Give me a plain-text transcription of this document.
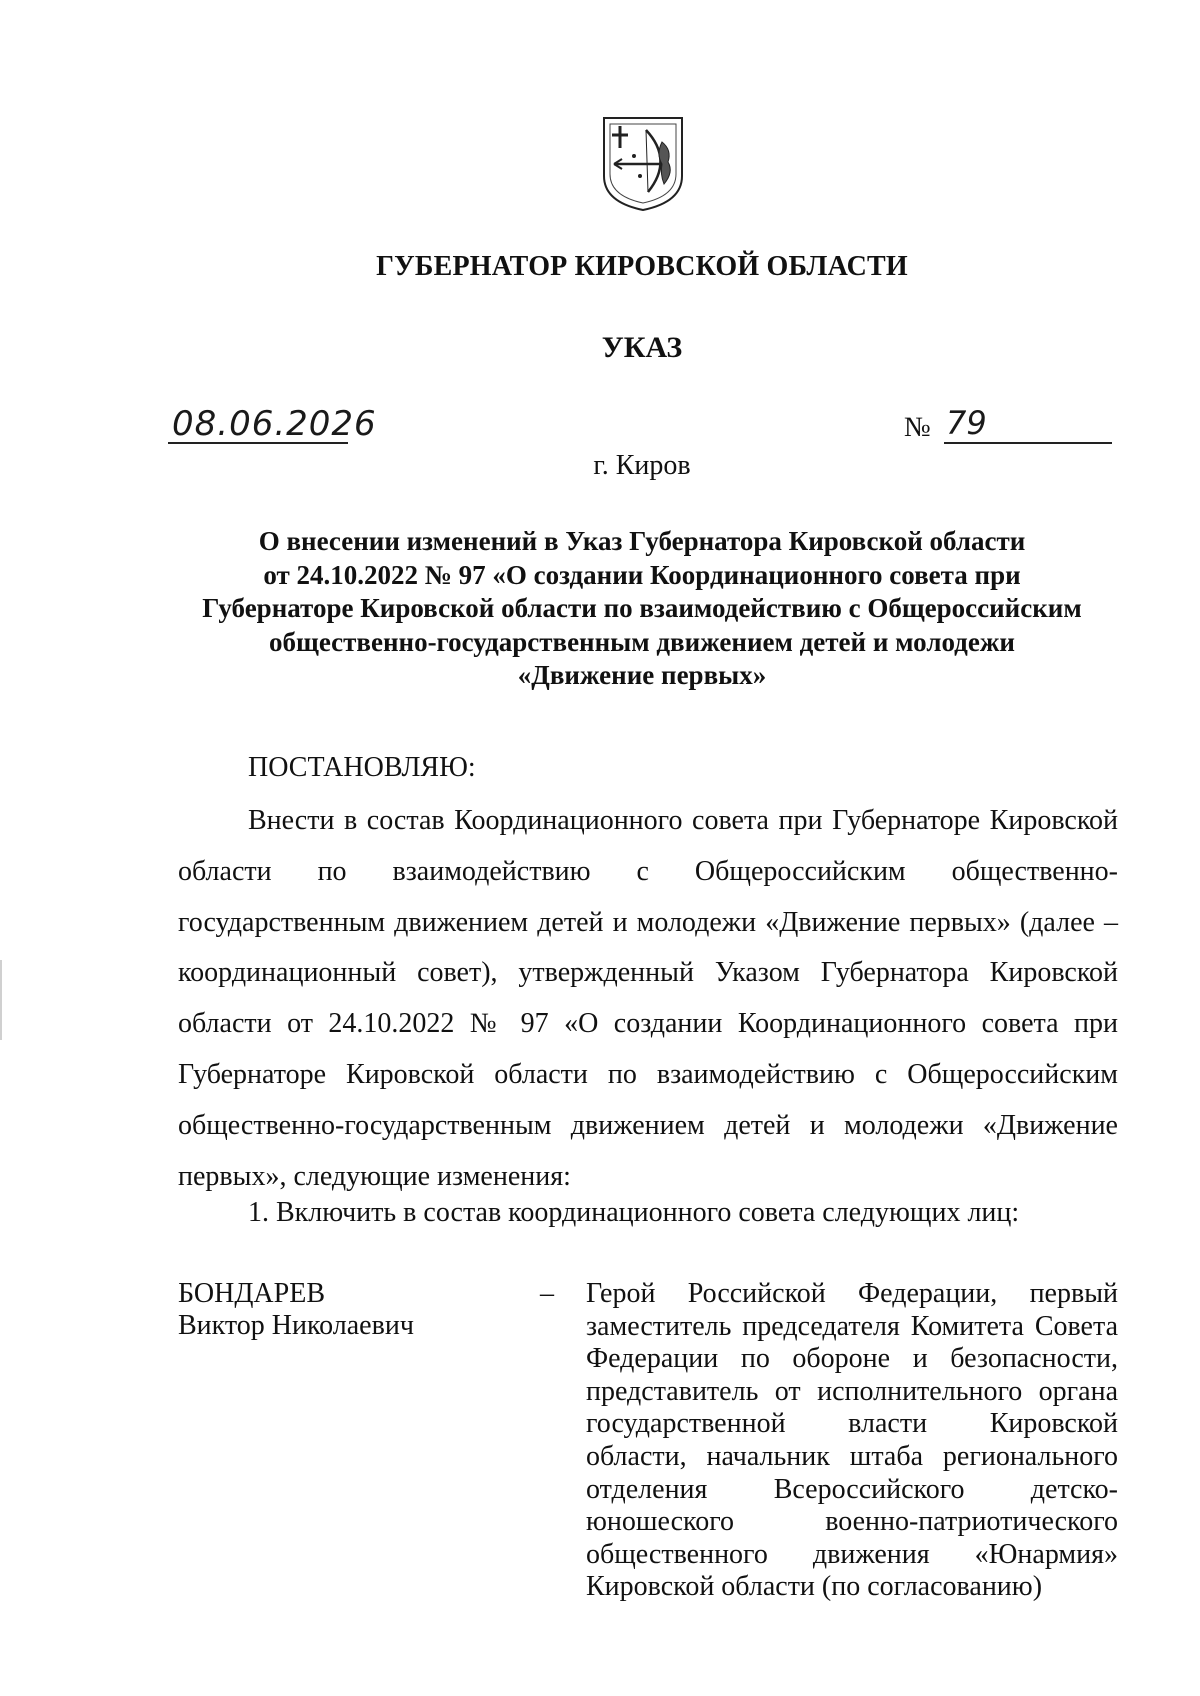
ГУБЕРНАТОР КИРОВСКОЙ ОБЛАСТИ
УКАЗ
08.06.2026	№ 79
г. Киров
О внесении изменений в Указ Губернатора Кировской области
от 24.10.2022 № 97 «О создании Координационного совета при
Губернаторе Кировской области по взаимодействию с Общероссийским
общественно-государственным движением детей и молодежи
«Движение первых»
ПОСТАНОВЛЯЮ:
Внести в состав Координационного совета при Губернаторе Кировской области по взаимодействию с Общероссийским общественно-государственным движением детей и молодежи «Движение первых» (далее – координационный совет), утвержденный Указом Губернатора Кировской области от 24.10.2022 № 97 «О создании Координационного совета при Губернаторе Кировской области по взаимодействию с Общероссийским общественно-государственным движением детей и молодежи «Движение первых», следующие изменения:
1. Включить в состав координационного совета следующих лиц:
БОНДАРЕВ
Виктор Николаевич
– Герой Российской Федерации, первый
заместитель председателя Комитета Совета
Федерации по обороне и безопасности,
представитель от исполнительного органа
государственной власти Кировской
области, начальник штаба регионального
отделения Всероссийского детско-
юношеского военно-патриотического
общественного движения «Юнармия»
Кировской области (по согласованию)
